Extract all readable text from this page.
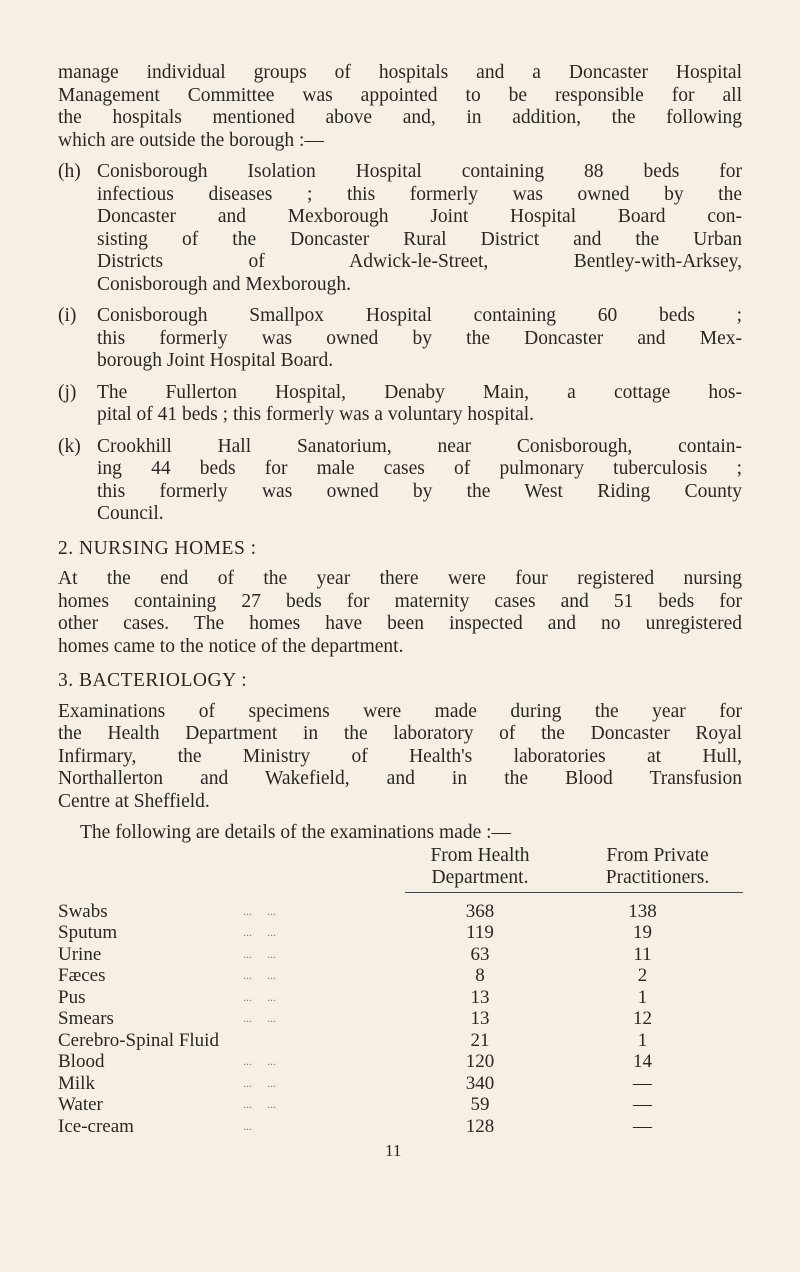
manage individual groups of hospitals and a Doncaster Hospital
Management Committee was appointed to be responsible for all
the hospitals mentioned above and, in addition, the following
which are outside the borough :—
(h) Conisborough Isolation Hospital containing 88 beds for
infectious diseases ; this formerly was owned by the
Doncaster and Mexborough Joint Hospital Board con-
sisting of the Doncaster Rural District and the Urban
Districts of Adwick-le-Street, Bentley-with-Arksey,
Conisborough and Mexborough.
(i) Conisborough Smallpox Hospital containing 60 beds ;
this formerly was owned by the Doncaster and Mex-
borough Joint Hospital Board.
(j) The Fullerton Hospital, Denaby Main, a cottage hos-
pital of 41 beds ; this formerly was a voluntary hospital.
(k) Crookhill Hall Sanatorium, near Conisborough, contain-
ing 44 beds for male cases of pulmonary tuberculosis ;
this formerly was owned by the West Riding County
Council.
2. NURSING HOMES :
At the end of the year there were four registered nursing
homes containing 27 beds for maternity cases and 51 beds for
other cases. The homes have been inspected and no unregistered
homes came to the notice of the department.
3. BACTERIOLOGY :
Examinations of specimens were made during the year for
the Health Department in the laboratory of the Doncaster Royal
Infirmary, the Ministry of Health's laboratories at Hull,
Northallerton and Wakefield, and in the Blood Transfusion
Centre at Sheffield.
The following are details of the examinations made :—
From Health
Department.
From Private
Practitioners.
Swabs	...     ...	368	138
Sputum	...     ...	119	19
Urine	...     ...	63	11
Fæces	...     ...	8	2
Pus	...     ...	13	1
Smears	...     ...	13	12
Cerebro-Spinal Fluid		21	1
Blood	...     ...	120	14
Milk	...     ...	340	—
Water	...     ...	59	—
Ice-cream	...	128	—
11
